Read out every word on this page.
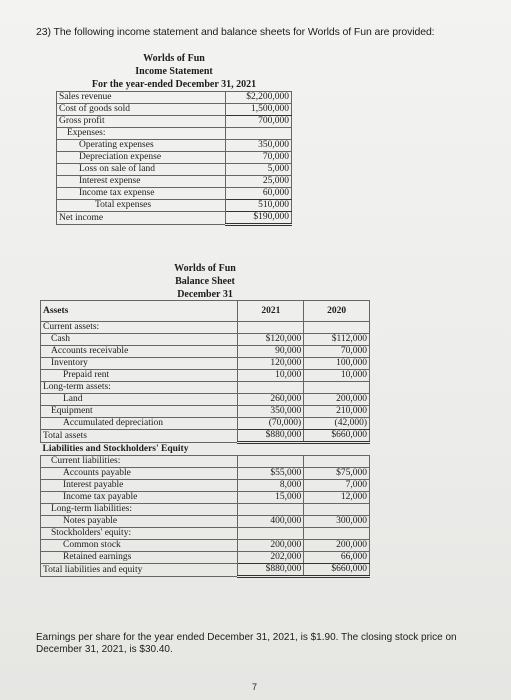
23) The following income statement and balance sheets for Worlds of Fun are provided:
Worlds of Fun
Income Statement
For the year-ended December 31, 2021
Sales revenue	$2,200,000
Cost of goods sold	1,500,000
Gross profit	700,000
Expenses:	
Operating expenses	350,000
Depreciation expense	70,000
Loss on sale of land	5,000
Interest expense	25,000
Income tax expense	60,000
Total expenses	510,000
Net income	$190,000
Worlds of Fun
Balance Sheet
December 31
Assets	2021	2020
Current assets:		
Cash	$120,000	$112,000
Accounts receivable	90,000	70,000
Inventory	120,000	100,000
Prepaid rent	10,000	10,000
Long-term assets:		
Land	260,000	200,000
Equipment	350,000	210,000
Accumulated depreciation	(70,000)	(42,000)
Total assets	$880,000	$660,000
Liabilities and Stockholders' Equity		
Current liabilities:		
Accounts payable	$55,000	$75,000
Interest payable	8,000	7,000
Income tax payable	15,000	12,000
Long-term liabilities:		
Notes payable	400,000	300,000
Stockholders' equity:		
Common stock	200,000	200,000
Retained earnings	202,000	66,000
Total liabilities and equity	$880,000	$660,000
Earnings per share for the year ended December 31, 2021, is $1.90. The closing stock price on December 31, 2021, is $30.40.
7
